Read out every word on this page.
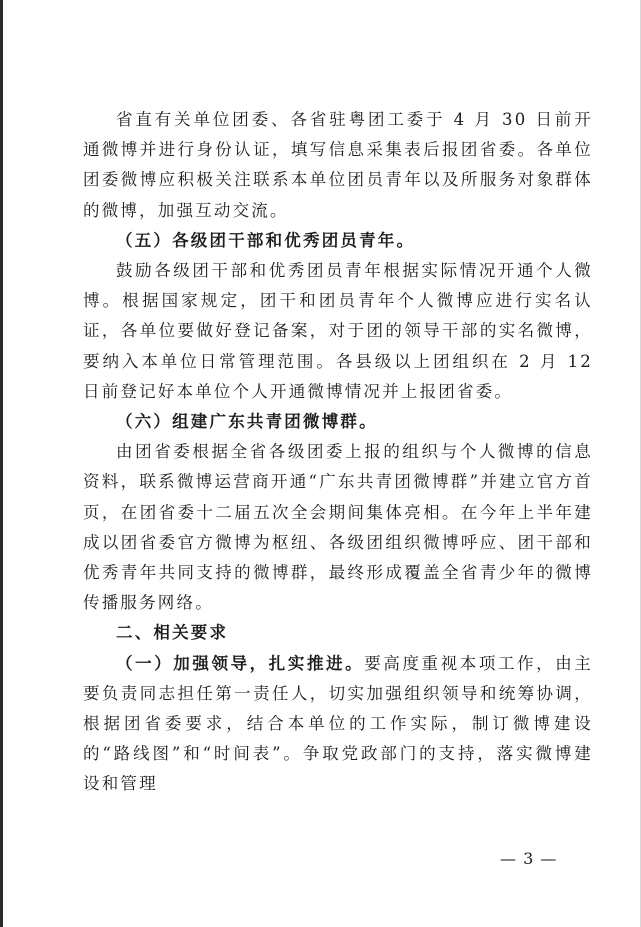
省直有关单位团委、各省驻粤团工委于 4 月 30 日前开通微博并进行身份认证，填写信息采集表后报团省委。各单位团委微博应积极关注联系本单位团员青年以及所服务对象群体的微博，加强互动交流。

（五）各级团干部和优秀团员青年。

鼓励各级团干部和优秀团员青年根据实际情况开通个人微博。根据国家规定，团干和团员青年个人微博应进行实名认证，各单位要做好登记备案，对于团的领导干部的实名微博，要纳入本单位日常管理范围。各县级以上团组织在 2 月 12 日前登记好本单位个人开通微博情况并上报团省委。

（六）组建广东共青团微博群。

由团省委根据全省各级团委上报的组织与个人微博的信息资料，联系微博运营商开通“广东共青团微博群”并建立官方首页，在团省委十二届五次全会期间集体亮相。在今年上半年建成以团省委官方微博为枢纽、各级团组织微博呼应、团干部和优秀青年共同支持的微博群，最终形成覆盖全省青少年的微博传播服务网络。

二、相关要求

（一）加强领导，扎实推进。要高度重视本项工作，由主要负责同志担任第一责任人，切实加强组织领导和统筹协调，根据团省委要求，结合本单位的工作实际，制订微博建设的“路线图”和“时间表”。争取党政部门的支持，落实微博建设和管理

— 3 —
